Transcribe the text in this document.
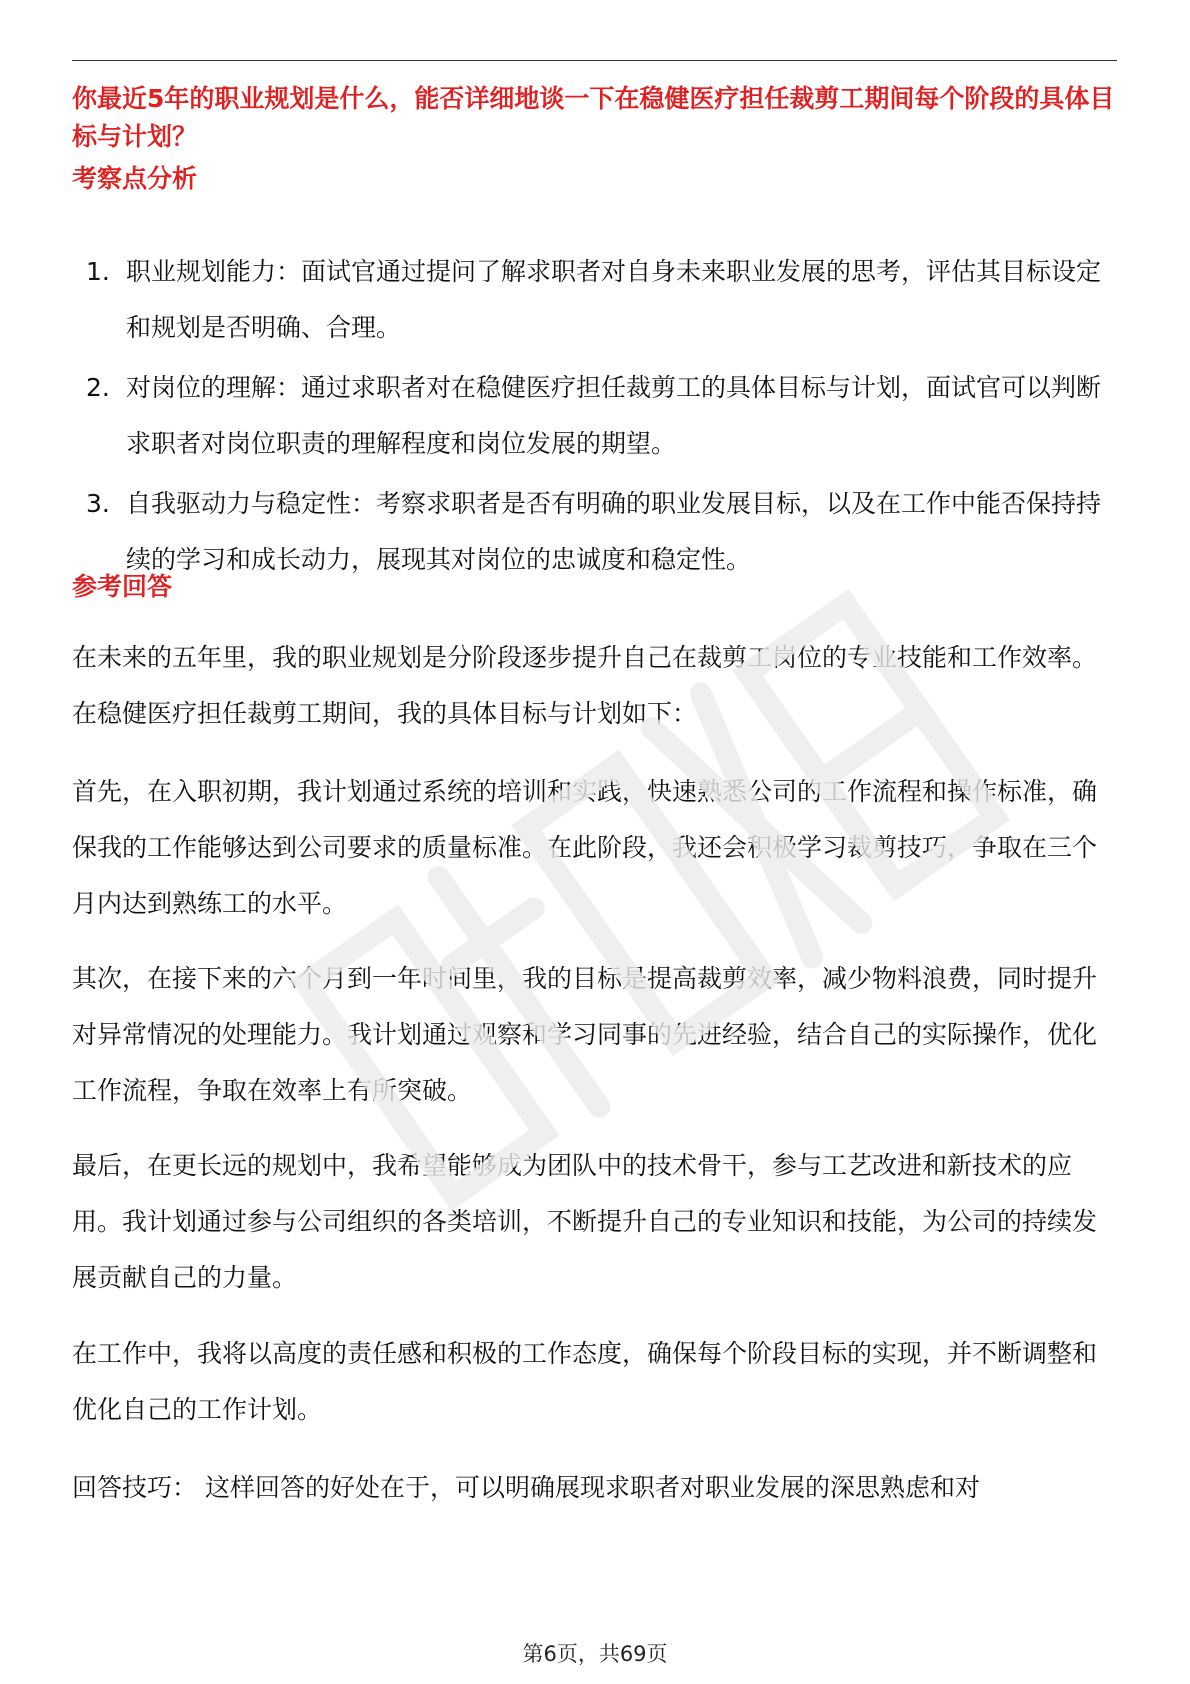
你最近5年的职业规划是什么，能否详细地谈一下在稳健医疗担任裁剪工期间每个阶段的具体目标与计划？
考察点分析
1. 职业规划能力：面试官通过提问了解求职者对自身未来职业发展的思考，评估其目标设定和规划是否明确、合理。
2. 对岗位的理解：通过求职者对在稳健医疗担任裁剪工的具体目标与计划，面试官可以判断求职者对岗位职责的理解程度和岗位发展的期望。
3. 自我驱动力与稳定性：考察求职者是否有明确的职业发展目标，以及在工作中能否保持持续的学习和成长动力，展现其对岗位的忠诚度和稳定性。
参考回答

在未来的五年里，我的职业规划是分阶段逐步提升自己在裁剪工岗位的专业技能和工作效率。在稳健医疗担任裁剪工期间，我的具体目标与计划如下：

首先，在入职初期，我计划通过系统的培训和实践，快速熟悉公司的工作流程和操作标准，确保我的工作能够达到公司要求的质量标准。在此阶段，我还会积极学习裁剪技巧，争取在三个月内达到熟练工的水平。

其次，在接下来的六个月到一年时间里，我的目标是提高裁剪效率，减少物料浪费，同时提升对异常情况的处理能力。我计划通过观察和学习同事的先进经验，结合自己的实际操作，优化工作流程，争取在效率上有所突破。

最后，在更长远的规划中，我希望能够成为团队中的技术骨干，参与工艺改进和新技术的应用。我计划通过参与公司组织的各类培训，不断提升自己的专业知识和技能，为公司的持续发展贡献自己的力量。

在工作中，我将以高度的责任感和积极的工作态度，确保每个阶段目标的实现，并不断调整和优化自己的工作计划。

回答技巧： 这样回答的好处在于，可以明确展现求职者对职业发展的深思熟虑和对

第6页，共69页
